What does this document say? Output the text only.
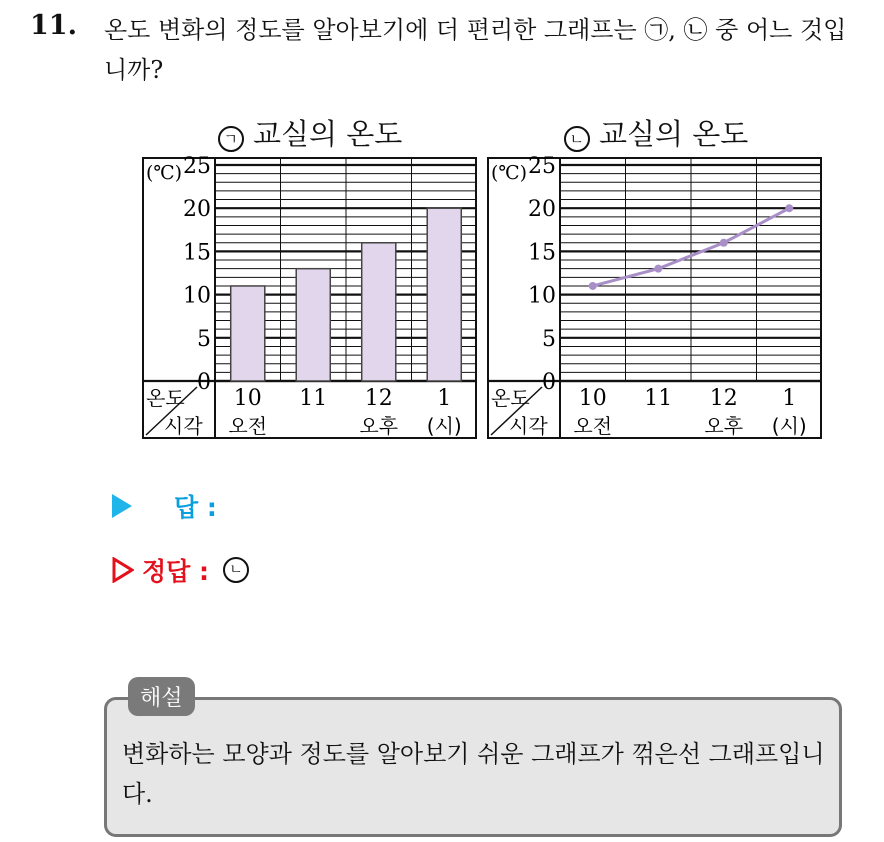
11. 온도 변화의 정도를 알아보기에 더 편리한 그래프는 ㉠, ㉡ 중 어느 것입니까?
ㄱ 교실의 온도	ㄴ 교실의 온도
0
5
10
15
20
25
(℃)
온도
시각
10
오전
11 12
오후
1
(시)
0
5
10
15
20
25
(℃)
온도
시각
10
오전
11 12
오후
1
(시)
답 :
정답 :	ㄴ
해설
변화하는 모양과 정도를 알아보기 쉬운 그래프가 꺾은선 그래프입니다.
